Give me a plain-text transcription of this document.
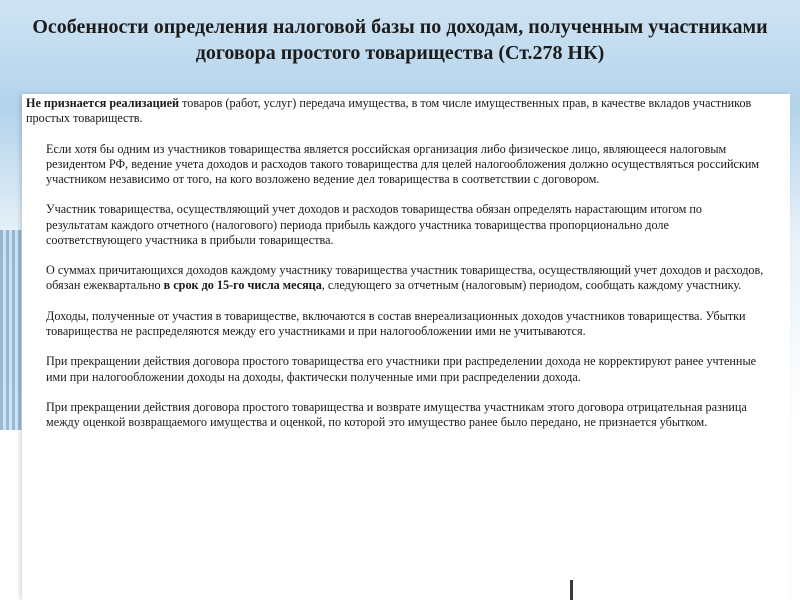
Особенности определения налоговой базы по доходам, полученным участниками договора простого товарищества (Ст.278 НК)

Не признается реализацией товаров (работ, услуг) передача имущества, в том числе имущественных прав, в качестве вкладов участников простых товариществ.

Если хотя бы одним из участников товарищества является российская организация либо физическое лицо, являющееся налоговым резидентом РФ, ведение учета доходов и расходов такого товарищества для целей налогообложения должно осуществляться российским участником независимо от того, на кого возложено ведение дел товарищества в соответствии с договором.

Участник товарищества, осуществляющий учет доходов и расходов товарищества обязан определять нарастающим итогом по результатам каждого отчетного (налогового) периода прибыль каждого участника товарищества пропорционально доле соответствующего участника в прибыли товарищества.

О суммах причитающихся доходов каждому участнику товарищества участник товарищества, осуществляющий учет доходов и расходов, обязан ежеквартально в срок до 15-го числа месяца, следующего за отчетным (налоговым) периодом, сообщать каждому участнику.

Доходы, полученные от участия в товариществе, включаются в состав внереализационных доходов участников товарищества. Убытки товарищества не распределяются между его участниками и при налогообложении ими не учитываются.

При прекращении действия договора простого товарищества его участники при распределении дохода не корректируют ранее учтенные ими при налогообложении доходы на доходы, фактически полученные ими при распределении дохода.

При прекращении действия договора простого товарищества и возврате имущества участникам этого договора отрицательная разница между оценкой возвращаемого имущества и оценкой, по которой это имущество ранее было передано, не признается убытком.
